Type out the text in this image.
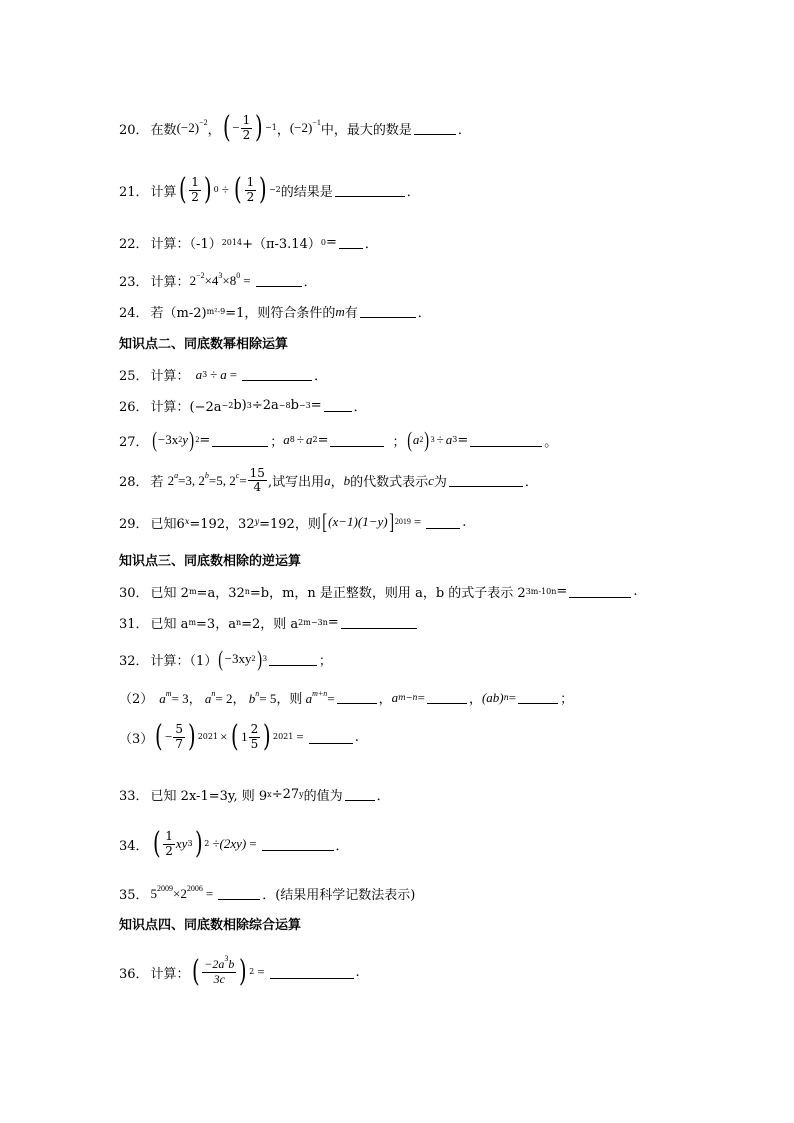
20． 在数 $(-2)^{-2}$ ， ( − $\frac{1}{2}$ ) −1 ， $(-2)^{-1}$ 中，最大的数是	．
21． 计算 ( $\frac{1}{2}$ ) 0 ÷ ( $\frac{1}{2}$ ) −2 的结果是	．
22． 计算：（-1） 2014 +（π-3.14） 0 = ．
23． 计算： $2^{-2}\times 4^3\times 8^0$ =	．
24． 若（m-2) m²-9 =1，则符合条件的 m 有	．
知识点二、同底数幂相除运算
25． 计算： a 3 ÷ a =	．
26． 计算：(−2a −2 b) 3 ÷2a −8 b −3 = ．
27． ( −3x 2 y ) 2 =	； a 8 ÷ a 2 =	； ( a 2 ) 3 ÷ a 3 =	。
28． 若 $2^a=3$, $2^b=5$, $2^c= \frac{15}{4}$ ,试写出用 a ， b 的代数式表示 c 为	．
29． 已知6 x =192，32 y =192，则 [ (x−1)(1−y) ] 2019 =	.
知识点三、同底数相除的逆运算
30． 已知 2 m =a，32 n =b，m，n 是正整数，则用 a，b 的式子表示 2 3m-10n =	.
31． 已知 a m =3，a n =2，则 a 2m−3n =
32． 计算：（1） ( −3xy 2 ) 3	；
（2） $a^m= 3$， $a^n= 2$， $b^n= 5$，则 $a^{m+n}=$	， a m−n =	， (ab) n =	；
（3） ( − $\frac{5}{7}$ ) 2021 × ( $1 \frac{2}{5}$ ) 2021 =	.
33． 已知 2x-1=3y, 则 9 x ÷27 y 的值为	．
34． ( $\frac{1}{2}$ xy 3 ) 2 ÷(2xy) =	．
35． $5^{2009}\times 2^{2006}$ =	．(结果用科学记数法表示)
知识点四、同底数相除综合运算
36． 计算： ( $\frac{-2a^3b}{3c}$ ) 2 =	.
